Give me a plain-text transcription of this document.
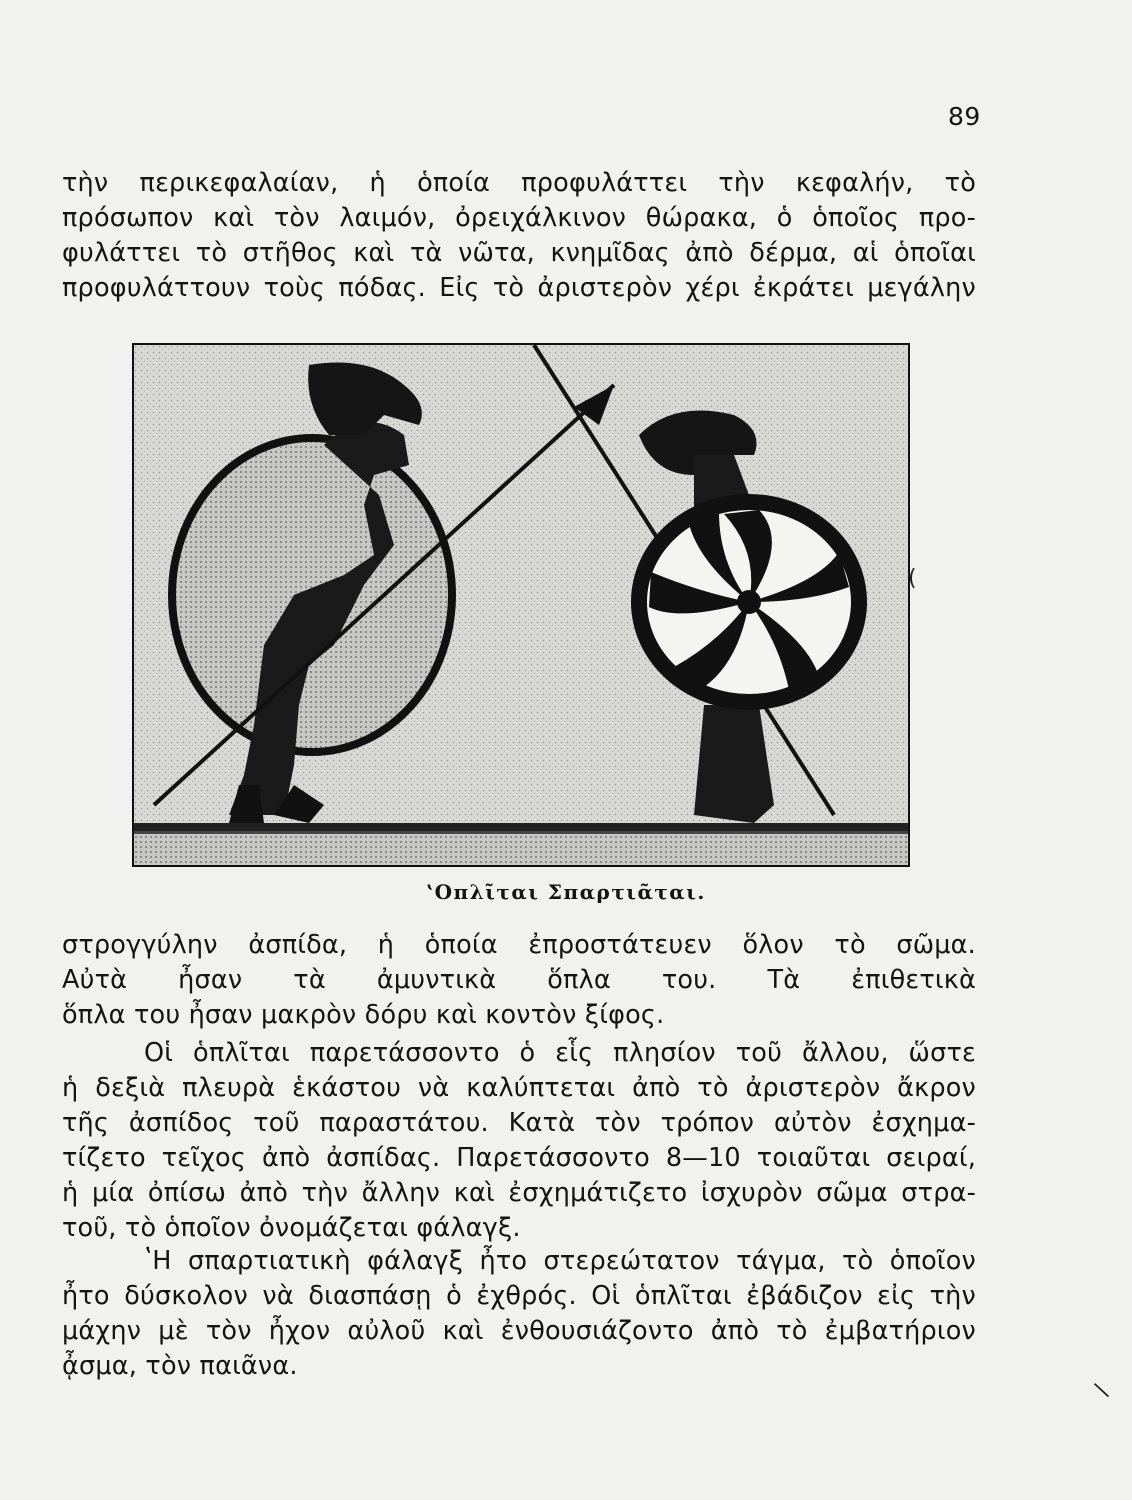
89
τὴν περικεφαλαίαν, ἡ ὁποία προφυλάττει τὴν κεφαλήν, τὸ
πρόσωπον καὶ τὸν λαιμόν, ὀρειχάλκινον θώρακα, ὁ ὁποῖος προ-
φυλάττει τὸ στῆθος καὶ τὰ νῶτα, κνημῖδας ἀπὸ δέρμα, αἱ ὁποῖαι
προφυλάττουν τοὺς πόδας. Εἰς τὸ ἀριστερὸν χέρι ἐκράτει μεγάλην
ʽΟπλῖται Σπαρτιᾶται.
στρογγύλην ἀσπίδα, ἡ ὁποία ἐπροστάτευεν ὅλον τὸ σῶμα.
Αὐτὰ ἦσαν τὰ ἀμυντικὰ ὅπλα του. Τὰ ἐπιθετικὰ
ὅπλα του ἦσαν μακρὸν δόρυ καὶ κοντὸν ξίφος.
Οἱ ὁπλῖται παρετάσσοντο ὁ εἷς πλησίον τοῦ ἄλλου, ὥστε
ἡ δεξιὰ πλευρὰ ἑκάστου νὰ καλύπτεται ἀπὸ τὸ ἀριστερὸν ἄκρον
τῆς ἀσπίδος τοῦ παραστάτου. Κατὰ τὸν τρόπον αὐτὸν ἐσχημα-
τίζετο τεῖχος ἀπὸ ἀσπίδας. Παρετάσσοντο 8—10 τοιαῦται σειραί,
ἡ μία ὀπίσω ἀπὸ τὴν ἄλλην καὶ ἐσχημάτιζετο ἰσχυρὸν σῶμα στρα-
τοῦ, τὸ ὁποῖον ὀνομάζεται φάλαγξ.
ʽΗ σπαρτιατικὴ φάλαγξ ἦτο στερεώτατον τάγμα, τὸ ὁποῖον
ἦτο δύσκολον νὰ διασπάσῃ ὁ ἐχθρός. Οἱ ὁπλῖται ἐβάδιζον εἰς τὴν
μάχην μὲ τὸν ἦχον αὐλοῦ καὶ ἐνθουσιάζοντο ἀπὸ τὸ ἐμβατήριον
ᾆσμα, τὸν παιᾶνα.
(
\
